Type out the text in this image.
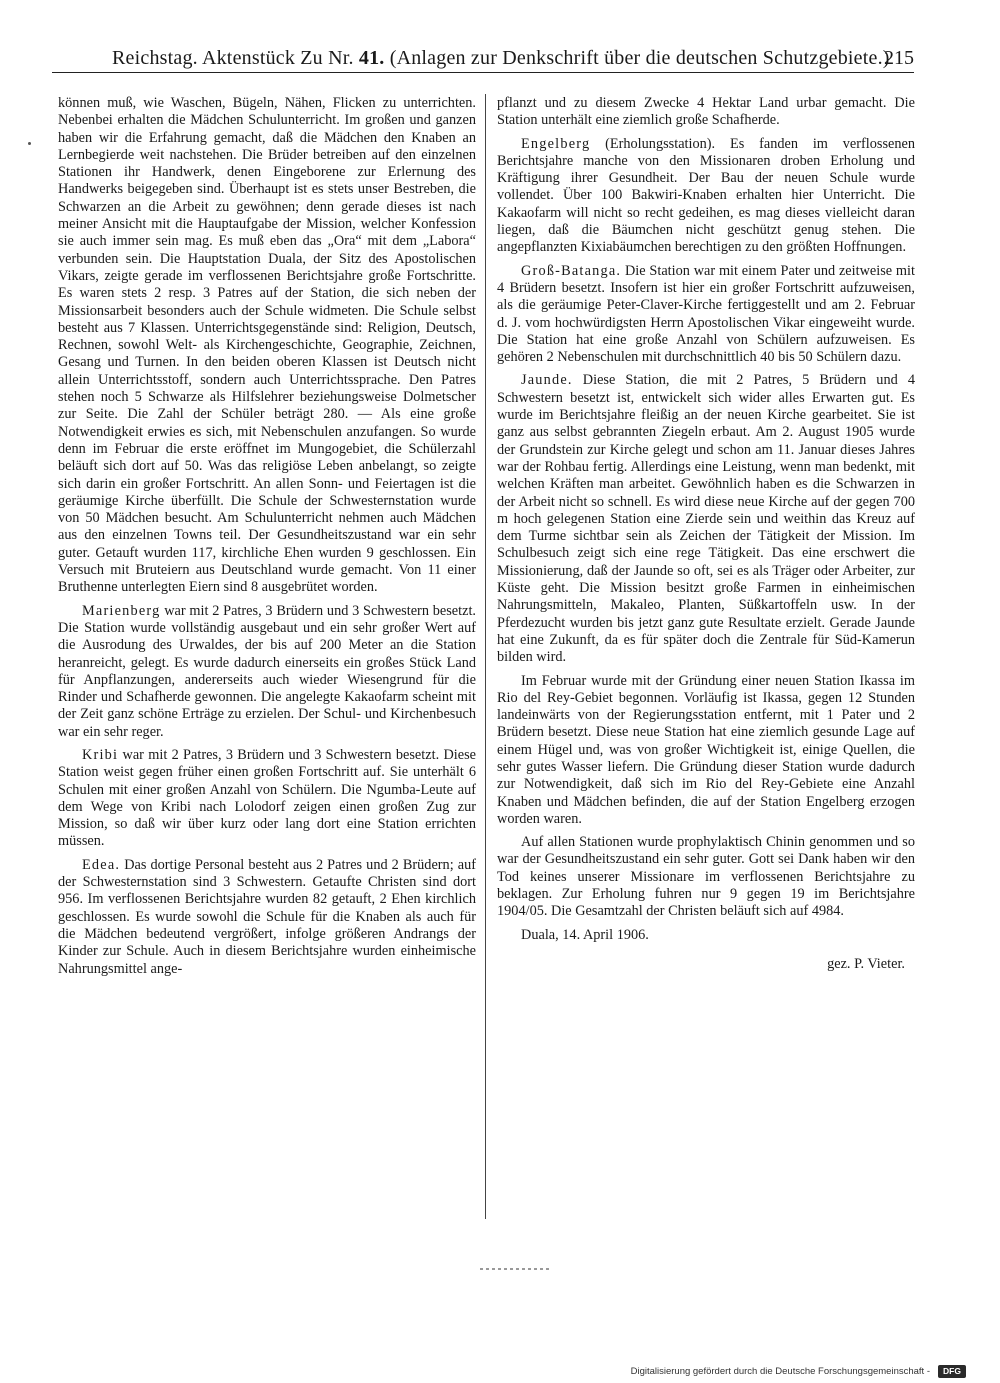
Reichstag. Aktenstück Zu Nr. 41. (Anlagen zur Denkschrift über die deutschen Schutzgebiete.)
215

können muß, wie Waschen, Bügeln, Nähen, Flicken zu unterrichten. Nebenbei erhalten die Mädchen Schulunterricht. Im großen und ganzen haben wir die Erfahrung gemacht, daß die Mädchen den Knaben an Lernbegierde weit nachstehen. Die Brüder betreiben auf den einzelnen Stationen ihr Handwerk, denen Eingeborene zur Erlernung des Handwerks beigegeben sind. Überhaupt ist es stets unser Bestreben, die Schwarzen an die Arbeit zu gewöhnen; denn gerade dieses ist nach meiner Ansicht mit die Hauptaufgabe der Mission, welcher Konfession sie auch immer sein mag. Es muß eben das „Ora“ mit dem „Labora“ verbunden sein. Die Hauptstation Duala, der Sitz des Apostolischen Vikars, zeigte gerade im verflossenen Berichtsjahre große Fortschritte. Es waren stets 2 resp. 3 Patres auf der Station, die sich neben der Missionsarbeit besonders auch der Schule widmeten. Die Schule selbst besteht aus 7 Klassen. Unterrichtsgegenstände sind: Religion, Deutsch, Rechnen, sowohl Welt- als Kirchengeschichte, Geographie, Zeichnen, Gesang und Turnen. In den beiden oberen Klassen ist Deutsch nicht allein Unterrichtsstoff, sondern auch Unterrichtssprache. Den Patres stehen noch 5 Schwarze als Hilfslehrer beziehungsweise Dolmetscher zur Seite. Die Zahl der Schüler beträgt 280. — Als eine große Notwendigkeit erwies es sich, mit Nebenschulen anzufangen. So wurde denn im Februar die erste eröffnet im Mungogebiet, die Schülerzahl beläuft sich dort auf 50. Was das religiöse Leben anbelangt, so zeigte sich darin ein großer Fortschritt. An allen Sonn- und Feiertagen ist die geräumige Kirche überfüllt. Die Schule der Schwesternstation wurde von 50 Mädchen besucht. Am Schulunterricht nehmen auch Mädchen aus den einzelnen Towns teil. Der Gesundheitszustand war ein sehr guter. Getauft wurden 117, kirchliche Ehen wurden 9 geschlossen. Ein Versuch mit Bruteiern aus Deutschland wurde gemacht. Von 11 einer Bruthenne unterlegten Eiern sind 8 ausgebrütet worden.

Marienberg war mit 2 Patres, 3 Brüdern und 3 Schwestern besetzt. Die Station wurde vollständig ausgebaut und ein sehr großer Wert auf die Ausrodung des Urwaldes, der bis auf 200 Meter an die Station heranreicht, gelegt. Es wurde dadurch einerseits ein großes Stück Land für Anpflanzungen, andererseits auch wieder Wiesengrund für die Rinder und Schafherde gewonnen. Die angelegte Kakaofarm scheint mit der Zeit ganz schöne Erträge zu erzielen. Der Schul- und Kirchenbesuch war ein sehr reger.

Kribi war mit 2 Patres, 3 Brüdern und 3 Schwestern besetzt. Diese Station weist gegen früher einen großen Fortschritt auf. Sie unterhält 6 Schulen mit einer großen Anzahl von Schülern. Die Ngumba-Leute auf dem Wege von Kribi nach Lolodorf zeigen einen großen Zug zur Mission, so daß wir über kurz oder lang dort eine Station errichten müssen.

Edea. Das dortige Personal besteht aus 2 Patres und 2 Brüdern; auf der Schwesternstation sind 3 Schwestern. Getaufte Christen sind dort 956. Im verflossenen Berichtsjahre wurden 82 getauft, 2 Ehen kirchlich geschlossen. Es wurde sowohl die Schule für die Knaben als auch für die Mädchen bedeutend vergrößert, infolge größeren Andrangs der Kinder zur Schule. Auch in diesem Berichtsjahre wurden einheimische Nahrungsmittel ange-

pflanzt und zu diesem Zwecke 4 Hektar Land urbar gemacht. Die Station unterhält eine ziemlich große Schafherde.

Engelberg (Erholungsstation). Es fanden im verflossenen Berichtsjahre manche von den Missionaren droben Erholung und Kräftigung ihrer Gesundheit. Der Bau der neuen Schule wurde vollendet. Über 100 Bakwiri-Knaben erhalten hier Unterricht. Die Kakaofarm will nicht so recht gedeihen, es mag dieses vielleicht daran liegen, daß die Bäumchen nicht geschützt genug stehen. Die angepflanzten Kixiabäumchen berechtigen zu den größten Hoffnungen.

Groß-Batanga. Die Station war mit einem Pater und zeitweise mit 4 Brüdern besetzt. Insofern ist hier ein großer Fortschritt aufzuweisen, als die geräumige Peter-Claver-Kirche fertiggestellt und am 2. Februar d. J. vom hochwürdigsten Herrn Apostolischen Vikar eingeweiht wurde. Die Station hat eine große Anzahl von Schülern aufzuweisen. Es gehören 2 Nebenschulen mit durchschnittlich 40 bis 50 Schülern dazu.

Jaunde. Diese Station, die mit 2 Patres, 5 Brüdern und 4 Schwestern besetzt ist, entwickelt sich wider alles Erwarten gut. Es wurde im Berichtsjahre fleißig an der neuen Kirche gearbeitet. Sie ist ganz aus selbst gebrannten Ziegeln erbaut. Am 2. August 1905 wurde der Grundstein zur Kirche gelegt und schon am 11. Januar dieses Jahres war der Rohbau fertig. Allerdings eine Leistung, wenn man bedenkt, mit welchen Kräften man arbeitet. Gewöhnlich haben es die Schwarzen in der Arbeit nicht so schnell. Es wird diese neue Kirche auf der gegen 700 m hoch gelegenen Station eine Zierde sein und weithin das Kreuz auf dem Turme sichtbar sein als Zeichen der Tätigkeit der Mission. Im Schulbesuch zeigt sich eine rege Tätigkeit. Das eine erschwert die Missionierung, daß der Jaunde so oft, sei es als Träger oder Arbeiter, zur Küste geht. Die Mission besitzt große Farmen in einheimischen Nahrungsmitteln, Makaleo, Planten, Süßkartoffeln usw. In der Pferdezucht wurden bis jetzt ganz gute Resultate erzielt. Gerade Jaunde hat eine Zukunft, da es für später doch die Zentrale für Süd-Kamerun bilden wird.

Im Februar wurde mit der Gründung einer neuen Station Ikassa im Rio del Rey-Gebiet begonnen. Vorläufig ist Ikassa, gegen 12 Stunden landeinwärts von der Regierungsstation entfernt, mit 1 Pater und 2 Brüdern besetzt. Diese neue Station hat eine ziemlich gesunde Lage auf einem Hügel und, was von großer Wichtigkeit ist, einige Quellen, die sehr gutes Wasser liefern. Die Gründung dieser Station wurde dadurch zur Notwendigkeit, daß sich im Rio del Rey-Gebiete eine Anzahl Knaben und Mädchen befinden, die auf der Station Engelberg erzogen worden waren.

Auf allen Stationen wurde prophylaktisch Chinin genommen und so war der Gesundheitszustand ein sehr guter. Gott sei Dank haben wir den Tod keines unserer Missionare im verflossenen Berichtsjahre zu beklagen. Zur Erholung fuhren nur 9 gegen 19 im Berichtsjahre 1904/05. Die Gesamtzahl der Christen beläuft sich auf 4984.

Duala, 14. April 1906.
gez. P. Vieter.
Digitalisierung gefördert durch die Deutsche Forschungsgemeinschaft -	DFG
